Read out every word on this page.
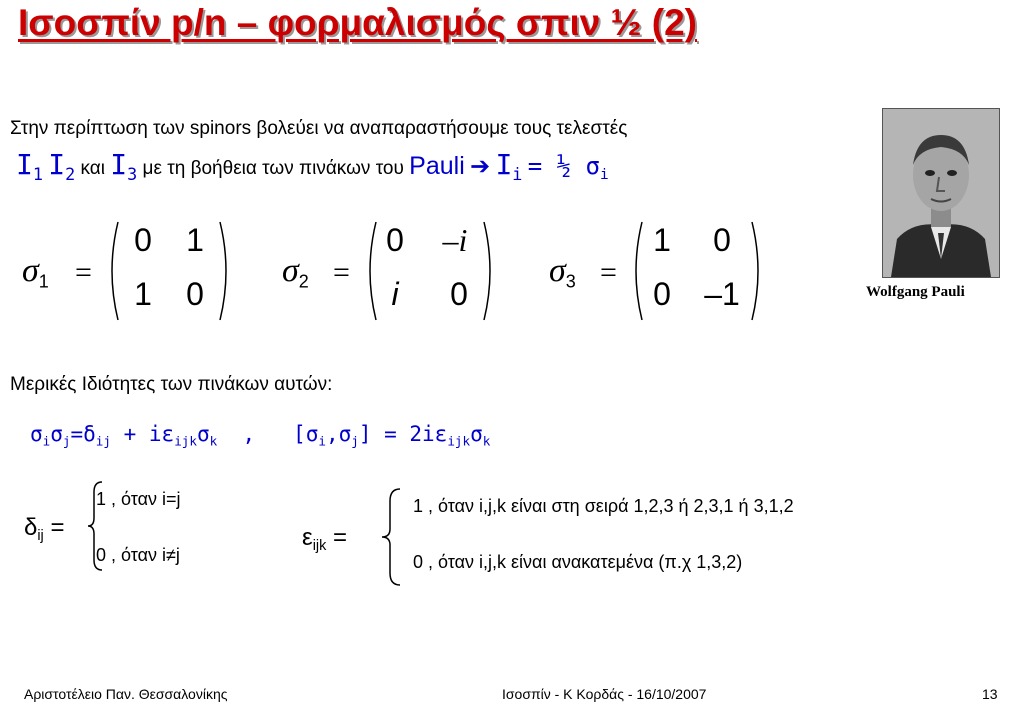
Ισοσπίν p/n – φορμαλισμός σπιν ½ (2)
Στην περίπτωση των spinors βολεύει να αναπαραστήσουμε τους τελεστές
$I_1$ $I_2$ και $I_3$ με τη βοήθεια των πινάκων του Pauli ➔ $I_i$ = ½ $\sigma_i$
Wolfgang Pauli
$\sigma_1$ =
0	1
1	0
$\sigma_2$ =
0	–i
i	0
$\sigma_3$ =
1	0
0	–1
Μερικές Ιδιότητες των πινάκων αυτών:
$\sigma_i\sigma_j=\delta_{ij} + i\varepsilon_{ijk}\sigma_k$  ,   $[\sigma_i,\sigma_j] = 2i\varepsilon_{ijk}\sigma_k$
$\delta_{ij}$ =
1 , όταν i=j
0 , όταν i≠j
$\varepsilon_{ijk}$ =
1 , όταν i,j,k είναι στη σειρά 1,2,3 ή 2,3,1 ή 3,1,2
0 , όταν i,j,k είναι ανακατεμένα (π.χ 1,3,2)
Αριστοτέλειο Παν. Θεσσαλονίκης	Ισοσπίν - Κ Κορδάς - 16/10/2007	13
